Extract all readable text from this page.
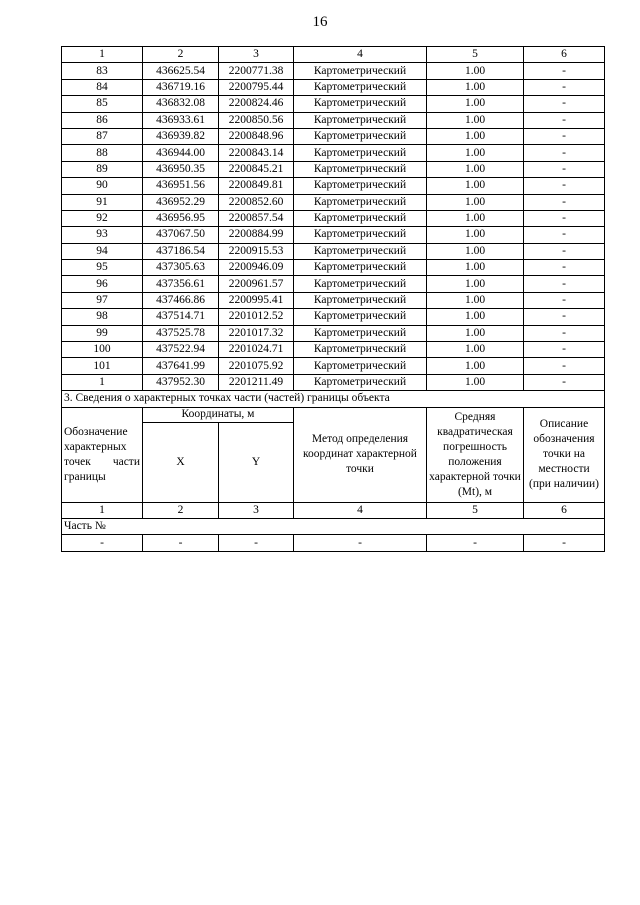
16
1	2	3	4	5	6
83	436625.54	2200771.38	Картометрический	1.00	-
84	436719.16	2200795.44	Картометрический	1.00	-
85	436832.08	2200824.46	Картометрический	1.00	-
86	436933.61	2200850.56	Картометрический	1.00	-
87	436939.82	2200848.96	Картометрический	1.00	-
88	436944.00	2200843.14	Картометрический	1.00	-
89	436950.35	2200845.21	Картометрический	1.00	-
90	436951.56	2200849.81	Картометрический	1.00	-
91	436952.29	2200852.60	Картометрический	1.00	-
92	436956.95	2200857.54	Картометрический	1.00	-
93	437067.50	2200884.99	Картометрический	1.00	-
94	437186.54	2200915.53	Картометрический	1.00	-
95	437305.63	2200946.09	Картометрический	1.00	-
96	437356.61	2200961.57	Картометрический	1.00	-
97	437466.86	2200995.41	Картометрический	1.00	-
98	437514.71	2201012.52	Картометрический	1.00	-
99	437525.78	2201017.32	Картометрический	1.00	-
100	437522.94	2201024.71	Картометрический	1.00	-
101	437641.99	2201075.92	Картометрический	1.00	-
1	437952.30	2201211.49	Картометрический	1.00	-
3. Сведения о характерных точках части (частей) границы объекта					
Обозначение характерных точек части границы	Координаты, м		Метод определения координат характерной точки	Средняя квадратическая погрешность положения характерной точки (Mt), м	Описание обозначения точки на местности (при наличии)
	X	Y			
1	2	3	4	5	6
Часть №					
-	-	-	-	-	-
